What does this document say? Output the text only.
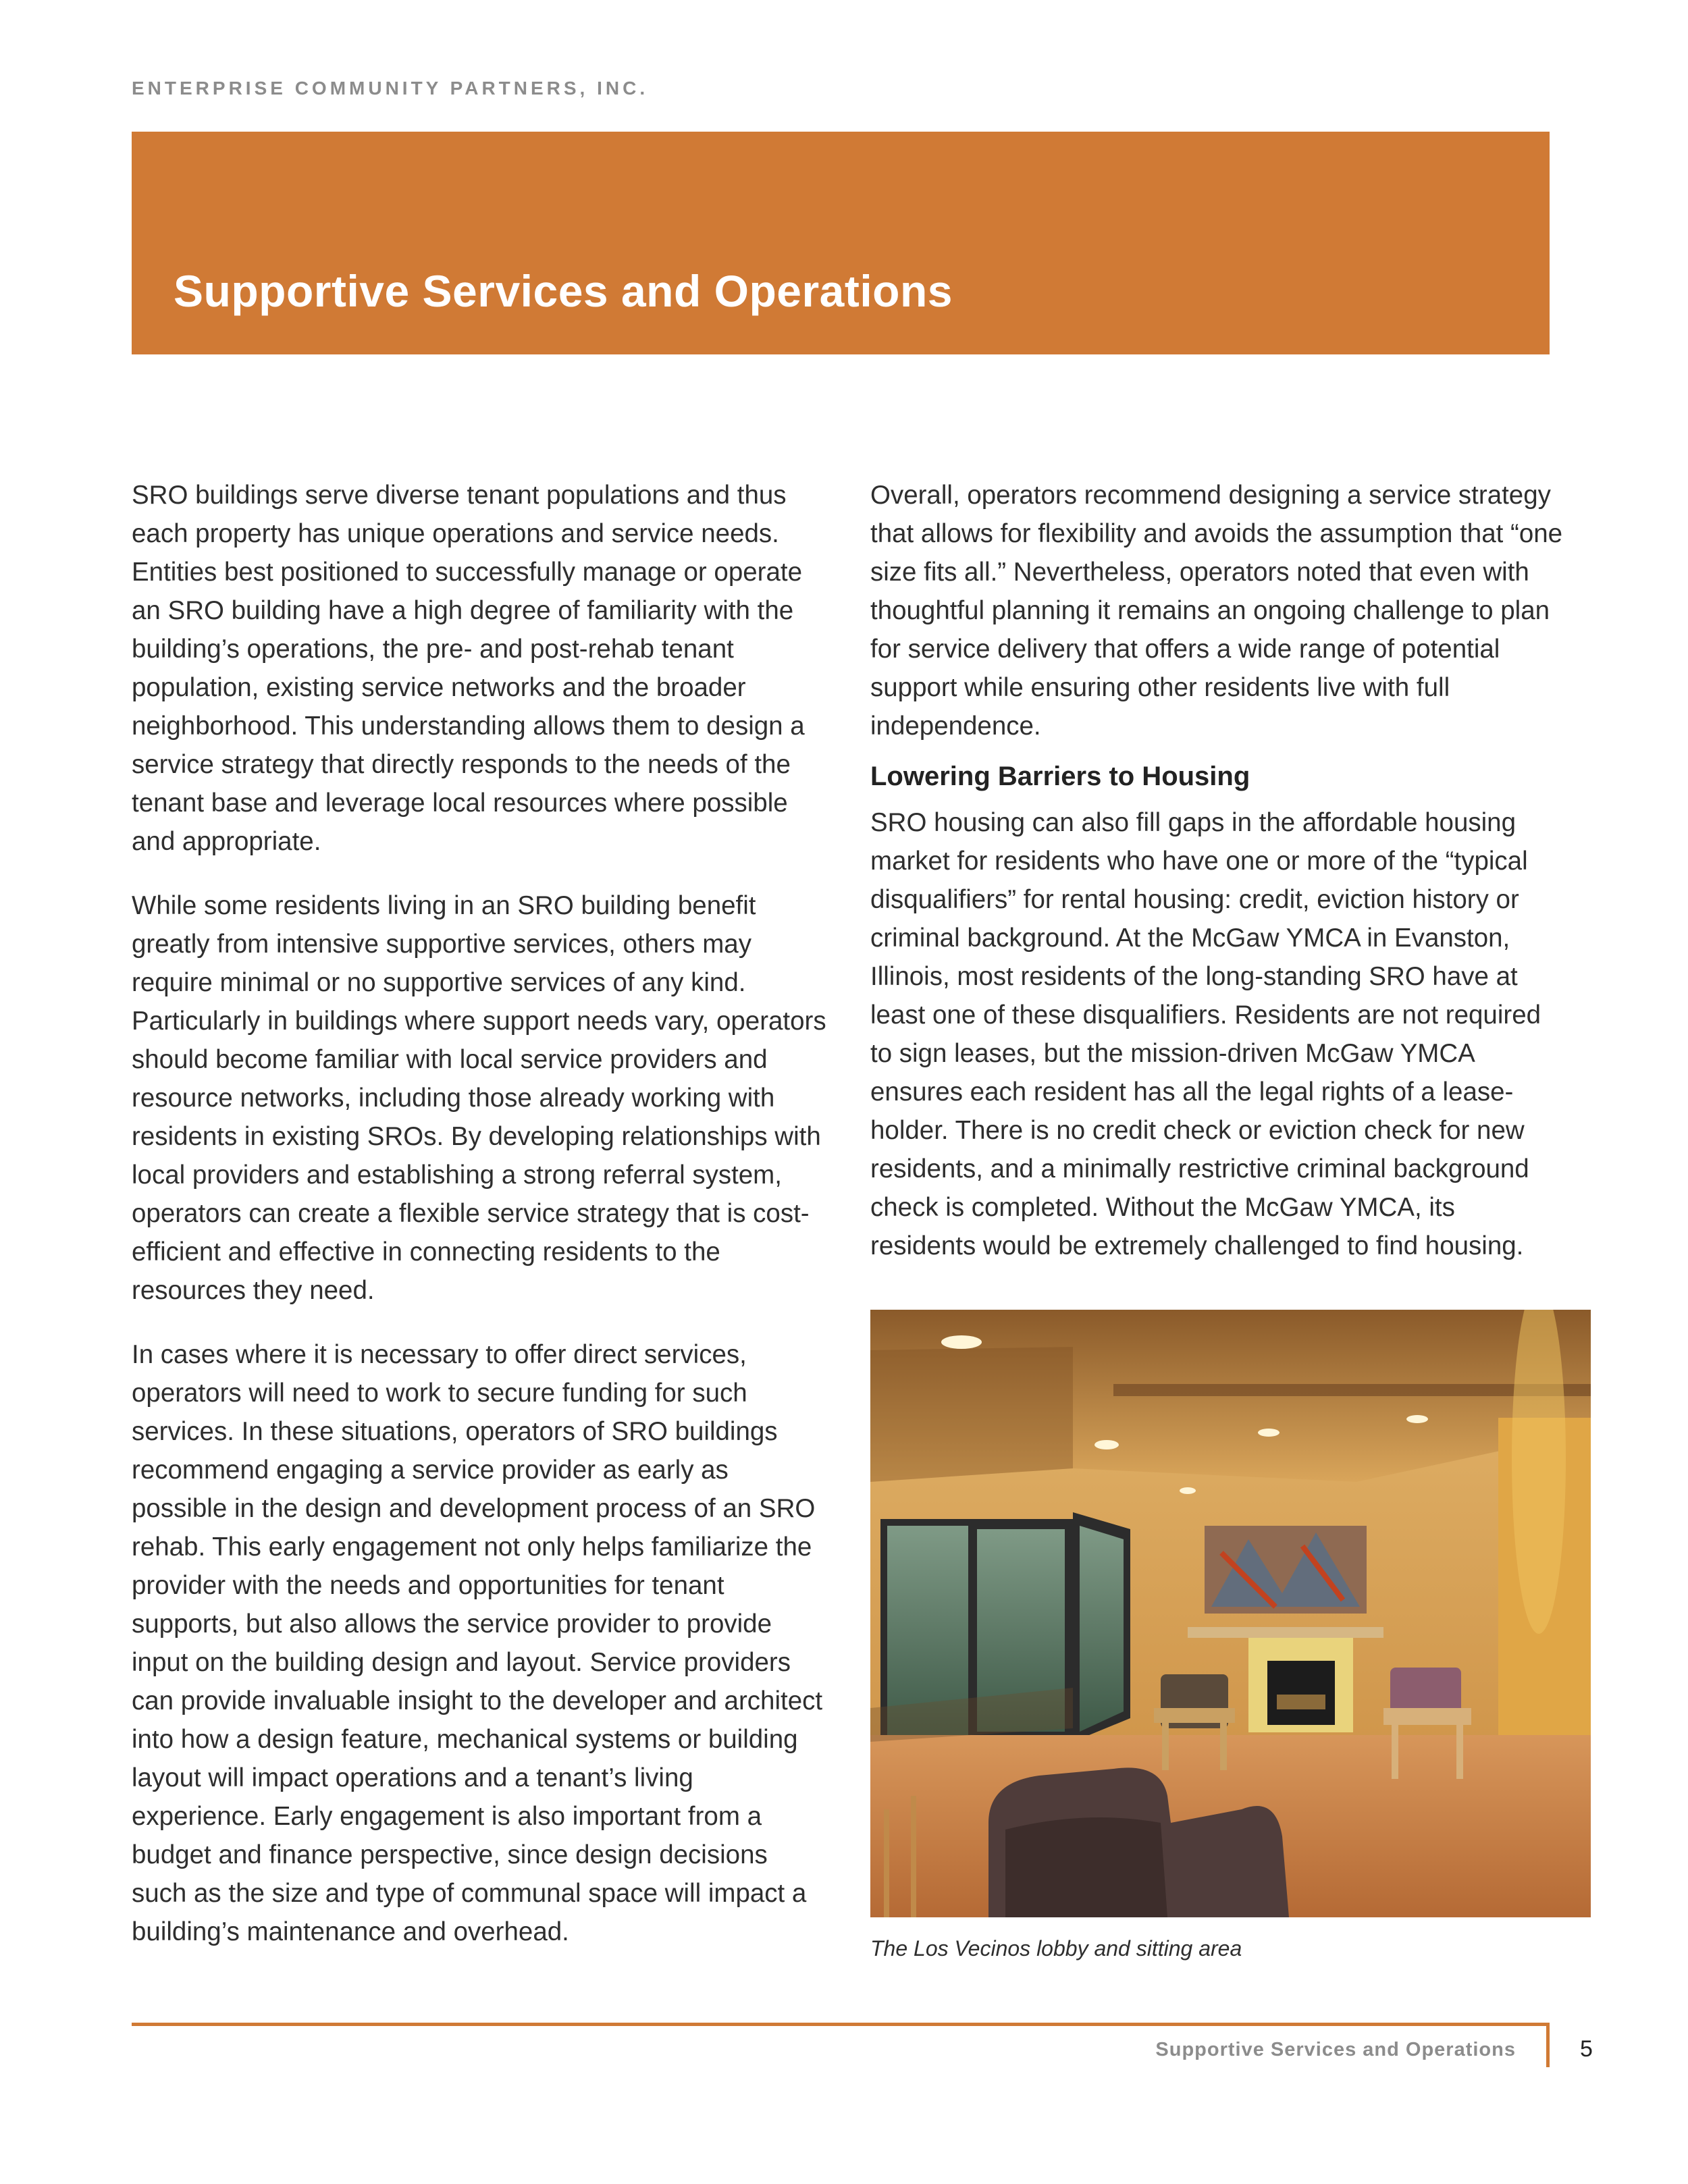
ENTERPRISE COMMUNITY PARTNERS, INC.
Supportive Services and Operations

SRO buildings serve diverse tenant populations and thus each property has unique operations and service needs. Entities best positioned to successfully manage or operate an SRO building have a high degree of familiarity with the building’s operations, the pre- and post-rehab tenant population, existing service networks and the broader neighborhood. This understanding allows them to design a service strategy that directly responds to the needs of the tenant base and leverage local resources where possible and appropriate.

While some residents living in an SRO building benefit greatly from intensive supportive services, others may require minimal or no supportive services of any kind. Particularly in buildings where support needs vary, operators should become familiar with local service providers and resource networks, including those already working with residents in existing SROs. By developing relationships with local providers and establishing a strong referral system, operators can create a flexible service strategy that is cost-efficient and effective in connecting residents to the resources they need.

In cases where it is necessary to offer direct services, operators will need to work to secure funding for such services. In these situations, operators of SRO buildings recommend engaging a service provider as early as possible in the design and development process of an SRO rehab. This early engagement not only helps familiarize the provider with the needs and opportunities for tenant supports, but also allows the service provider to provide input on the building design and layout. Service providers can provide invaluable insight to the developer and architect into how a design feature, mechanical systems or building layout will impact operations and a tenant’s living experience. Early engagement is also important from a budget and finance perspective, since design decisions such as the size and type of communal space will impact a building’s maintenance and overhead.

Overall, operators recommend designing a service strategy that allows for flexibility and avoids the assumption that “one size fits all.” Nevertheless, operators noted that even with thoughtful planning it remains an ongoing challenge to plan for service delivery that offers a wide range of potential support while ensuring other residents live with full independence.

Lowering Barriers to Housing

SRO housing can also fill gaps in the affordable housing market for residents who have one or more of the “typical disqualifiers” for rental housing: credit, eviction history or criminal background. At the McGaw YMCA in Evanston, Illinois, most residents of the long-standing SRO have at least one of these disqualifiers. Residents are not required to sign leases, but the mission-driven McGaw YMCA ensures each resident has all the legal rights of a lease-holder. There is no credit check or eviction check for new residents, and a minimally restrictive criminal background check is completed. Without the McGaw YMCA, its residents would be extremely challenged to find housing.

The Los Vecinos lobby and sitting area
Supportive Services and Operations	5
